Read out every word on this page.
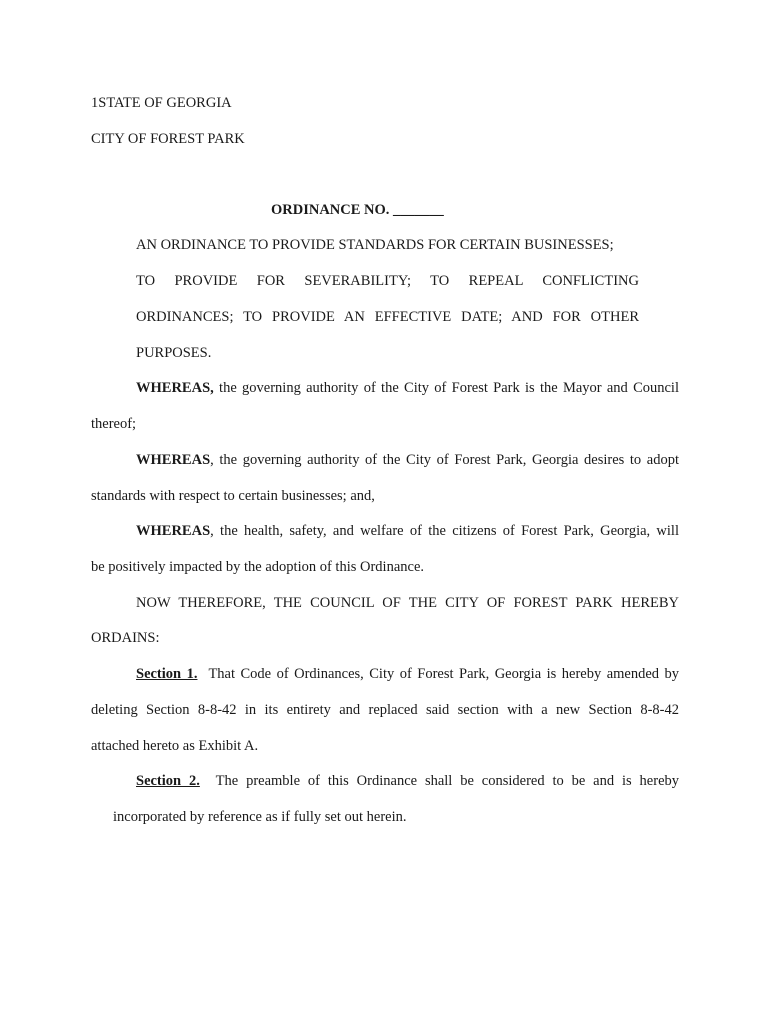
1STATE OF GEORGIA
CITY OF FOREST PARK
ORDINANCE NO. _______
AN ORDINANCE TO PROVIDE STANDARDS FOR CERTAIN BUSINESSES;
TO PROVIDE FOR SEVERABILITY; TO REPEAL CONFLICTING
ORDINANCES; TO PROVIDE AN EFFECTIVE DATE; AND FOR OTHER
PURPOSES.
WHEREAS, the governing authority of the City of Forest Park is the Mayor and Council
thereof;
WHEREAS, the governing authority of the City of Forest Park, Georgia desires to adopt
standards with respect to certain businesses; and,
WHEREAS, the health, safety, and welfare of the citizens of Forest Park, Georgia, will
be positively impacted by the adoption of this Ordinance.
NOW THEREFORE, THE COUNCIL OF THE CITY OF FOREST PARK HEREBY
ORDAINS:
Section 1. That Code of Ordinances, City of Forest Park, Georgia is hereby amended by
deleting Section 8-8-42 in its entirety and replaced said section with a new Section 8-8-42
attached hereto as Exhibit A.
Section 2. The preamble of this Ordinance shall be considered to be and is hereby
incorporated by reference as if fully set out herein.
